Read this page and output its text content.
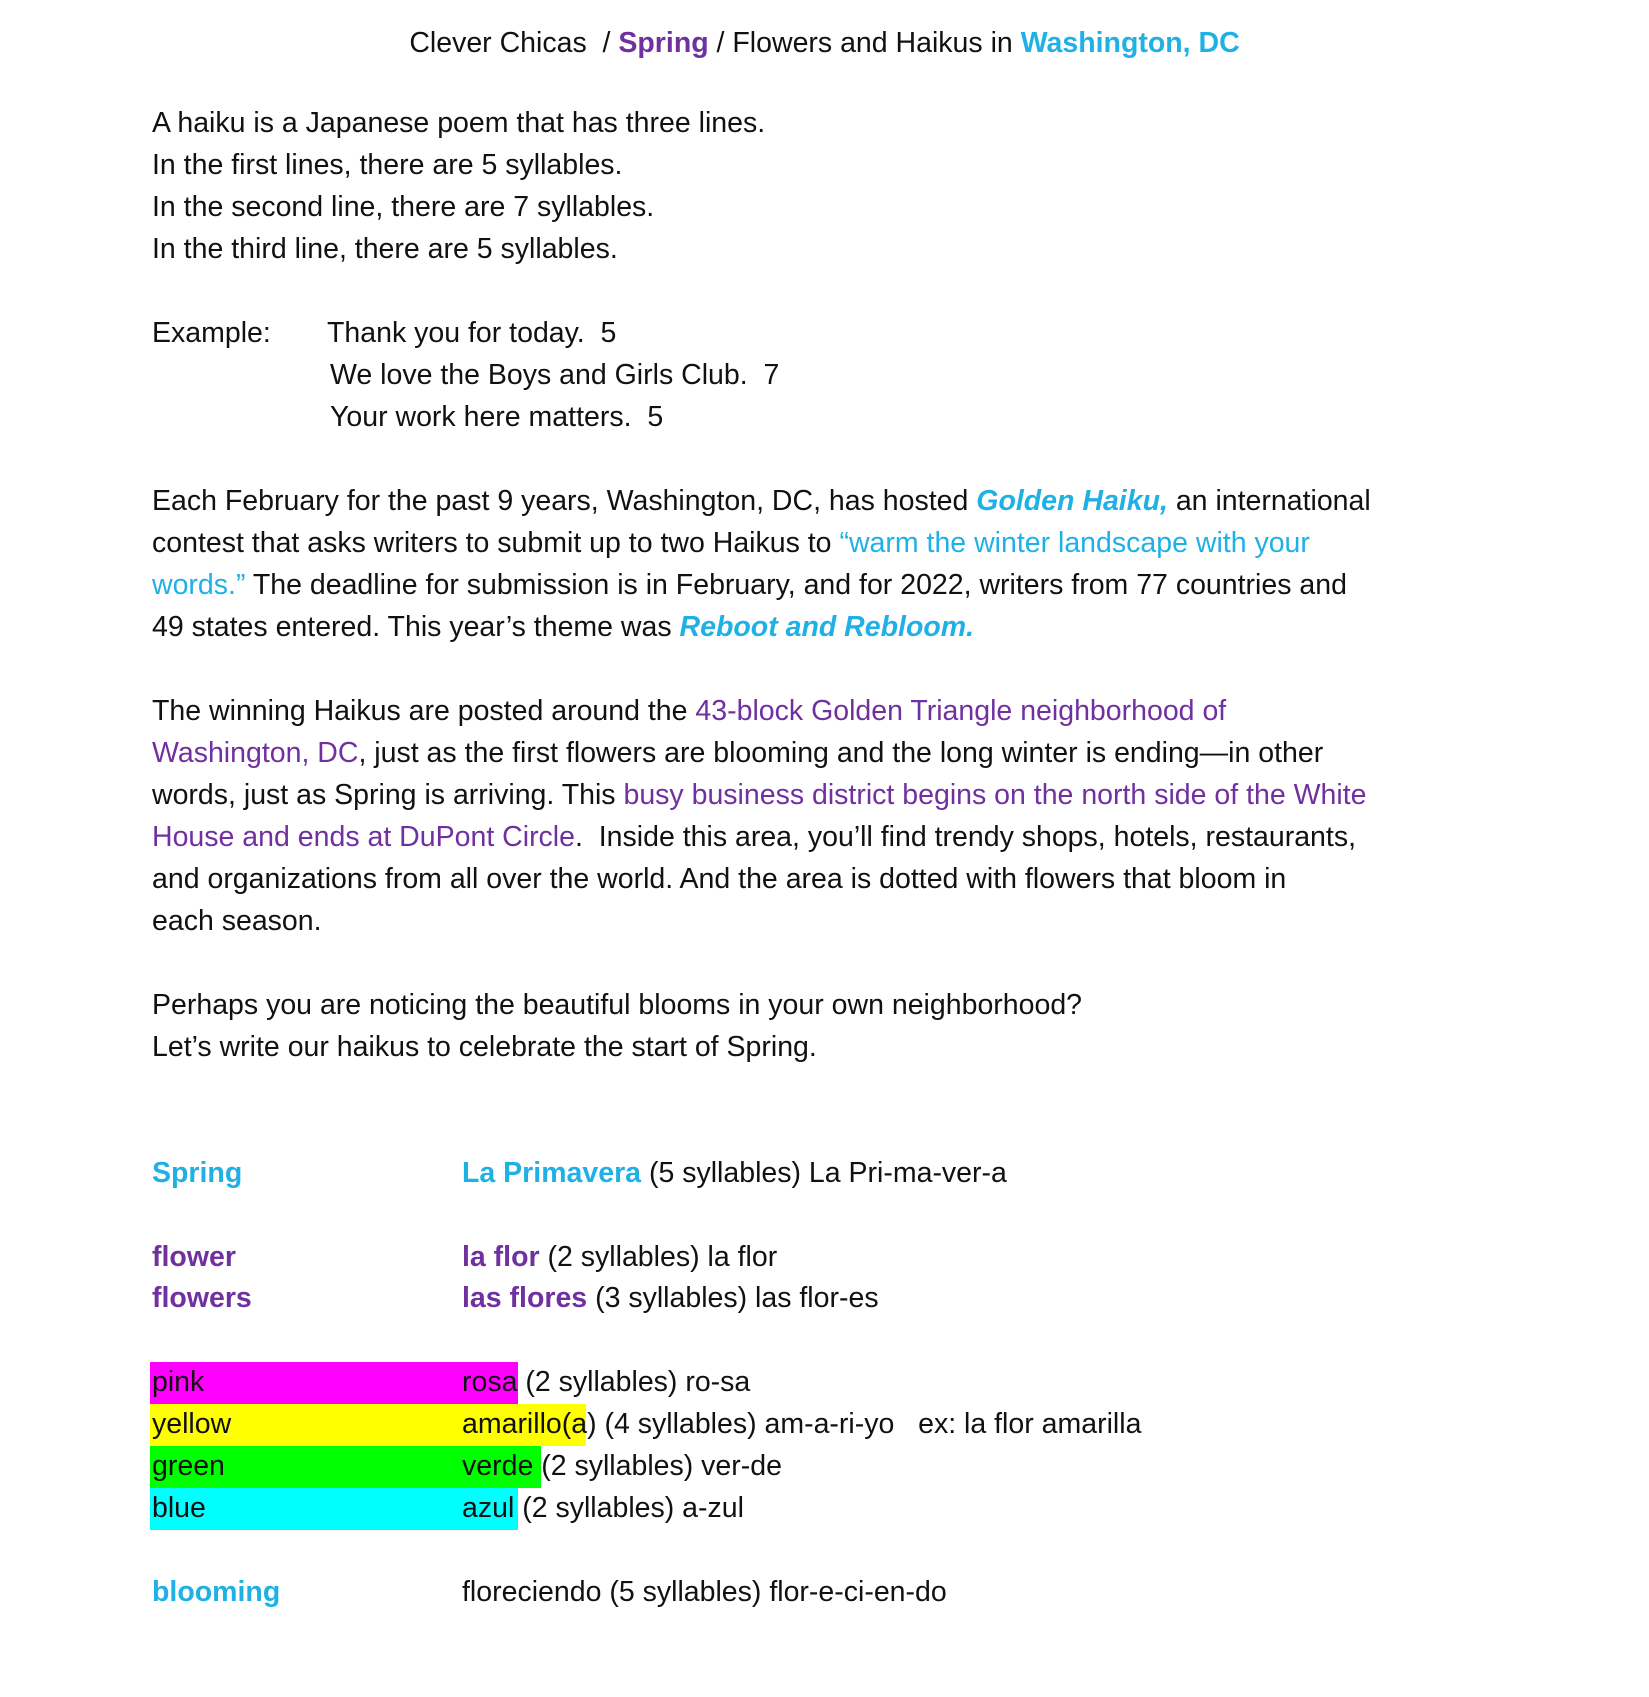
Clever Chicas  / Spring / Flowers and Haikus in Washington, DC
A haiku is a Japanese poem that has three lines.
In the first lines, there are 5 syllables.
In the second line, there are 7 syllables.
In the third line, there are 5 syllables.
Example: Thank you for today.  5
We love the Boys and Girls Club.  7
Your work here matters.  5
Each February for the past 9 years, Washington, DC, has hosted Golden Haiku, an international
contest that asks writers to submit up to two Haikus to “warm the winter landscape with your
words.” The deadline for submission is in February, and for 2022, writers from 77 countries and
49 states entered. This year’s theme was Reboot and Rebloom.
The winning Haikus are posted around the 43-block Golden Triangle neighborhood of
Washington, DC, just as the first flowers are blooming and the long winter is ending—in other
words, just as Spring is arriving. This busy business district begins on the north side of the White
House and ends at DuPont Circle.  Inside this area, you’ll find trendy shops, hotels, restaurants,
and organizations from all over the world. And the area is dotted with flowers that bloom in
each season.
Perhaps you are noticing the beautiful blooms in your own neighborhood?
Let’s write our haikus to celebrate the start of Spring.
Spring	La Primavera (5 syllables) La Pri-ma-ver-a
flower	la flor (2 syllables) la flor
flowers	las flores (3 syllables) las flor-es
pink	rosa (2 syllables) ro-sa
yellow	amarillo(a) (4 syllables) am-a-ri-yo   ex: la flor amarilla
green	verde (2 syllables) ver-de
blue	azul (2 syllables) a-zul
blooming	floreciendo (5 syllables) flor-e-ci-en-do
